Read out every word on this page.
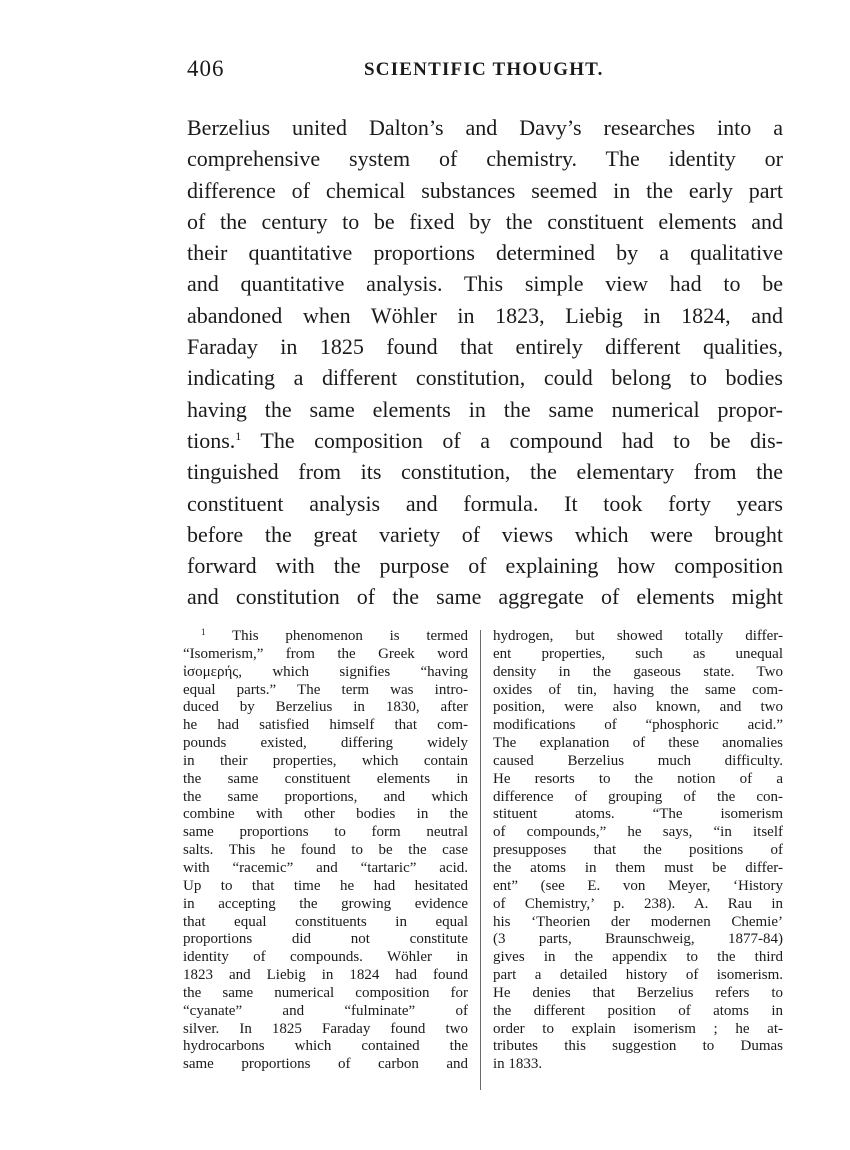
406	SCIENTIFIC THOUGHT.
Berzelius united Dalton’s and Davy’s researches into a
comprehensive system of chemistry. The identity or
difference of chemical substances seemed in the early part
of the century to be fixed by the constituent elements and
their quantitative proportions determined by a qualitative
and quantitative analysis. This simple view had to be
abandoned when Wöhler in 1823, Liebig in 1824, and
Faraday in 1825 found that entirely different qualities,
indicating a different constitution, could belong to bodies
having the same elements in the same numerical propor-
tions.$^1$ The composition of a compound had to be dis-
tinguished from its constitution, the elementary from the
constituent analysis and formula. It took forty years
before the great variety of views which were brought
forward with the purpose of explaining how composition
and constitution of the same aggregate of elements might
$^1$ This phenomenon is termed
“Isomerism,” from the Greek word
ἰσομερής, which signifies “having
equal parts.” The term was intro-
duced by Berzelius in 1830, after
he had satisfied himself that com-
pounds existed, differing widely
in their properties, which contain
the same constituent elements in
the same proportions, and which
combine with other bodies in the
same proportions to form neutral
salts. This he found to be the case
with “racemic” and “tartaric” acid.
Up to that time he had hesitated
in accepting the growing evidence
that equal constituents in equal
proportions did not constitute
identity of compounds. Wöhler in
1823 and Liebig in 1824 had found
the same numerical composition for
“cyanate” and “fulminate” of
silver. In 1825 Faraday found two
hydrocarbons which contained the
same proportions of carbon and
hydrogen, but showed totally differ-
ent properties, such as unequal
density in the gaseous state. Two
oxides of tin, having the same com-
position, were also known, and two
modifications of “phosphoric acid.”
The explanation of these anomalies
caused Berzelius much difficulty.
He resorts to the notion of a
difference of grouping of the con-
stituent atoms. “The isomerism
of compounds,” he says, “in itself
presupposes that the positions of
the atoms in them must be differ-
ent” (see E. von Meyer, ‘History
of Chemistry,’ p. 238). A. Rau in
his ‘Theorien der modernen Chemie’
(3 parts, Braunschweig, 1877-84)
gives in the appendix to the third
part a detailed history of isomerism.
He denies that Berzelius refers to
the different position of atoms in
order to explain isomerism ; he at-
tributes this suggestion to Dumas
in 1833.
